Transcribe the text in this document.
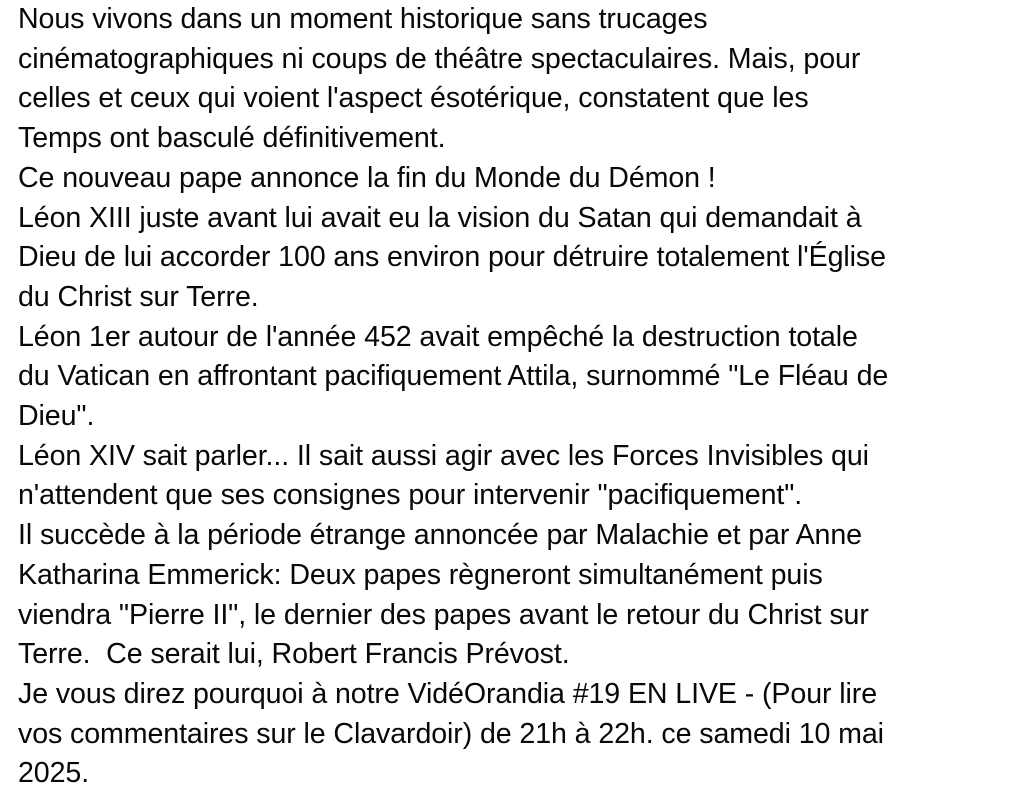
Nous vivons dans un moment historique sans trucages
cinématographiques ni coups de théâtre spectaculaires. Mais, pour
celles et ceux qui voient l'aspect ésotérique, constatent que les
Temps ont basculé définitivement.

Ce nouveau pape annonce la fin du Monde du Démon !

Léon XIII juste avant lui avait eu la vision du Satan qui demandait à
Dieu de lui accorder 100 ans environ pour détruire totalement l'Église
du Christ sur Terre.

Léon 1er autour de l'année 452 avait empêché la destruction totale
du Vatican en affrontant pacifiquement Attila, surnommé "Le Fléau de
Dieu".

Léon XIV sait parler... Il sait aussi agir avec les Forces Invisibles qui
n'attendent que ses consignes pour intervenir "pacifiquement".

Il succède à la période étrange annoncée par Malachie et par Anne
Katharina Emmerick: Deux papes règneront simultanément puis
viendra "Pierre II", le dernier des papes avant le retour du Christ sur
Terre.  Ce serait lui, Robert Francis Prévost.

Je vous direz pourquoi à notre VidéOrandia #19 EN LIVE - (Pour lire
vos commentaires sur le Clavardoir) de 21h à 22h. ce samedi 10 mai
2025.
